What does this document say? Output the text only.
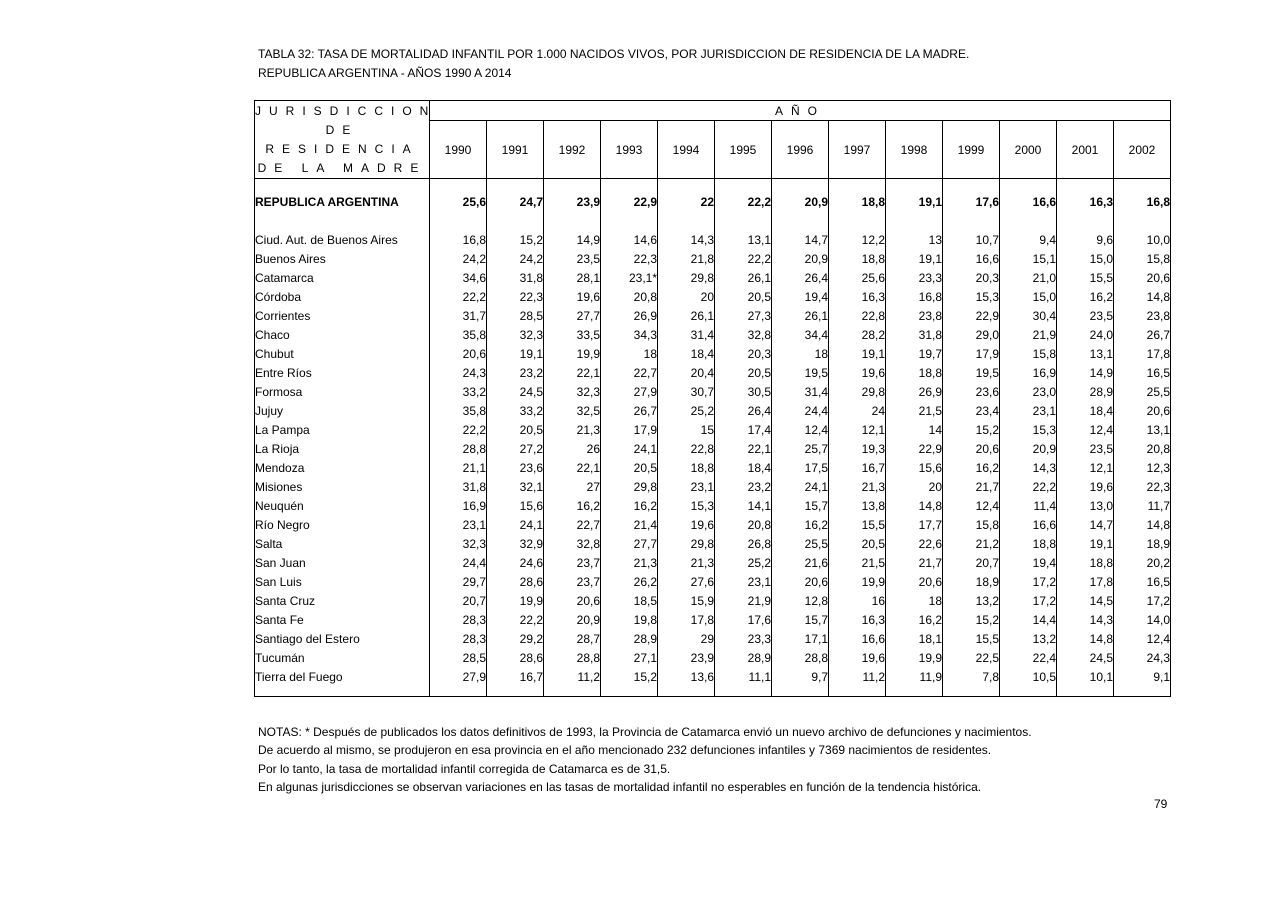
TABLA 32: TASA DE MORTALIDAD INFANTIL POR 1.000 NACIDOS VIVOS, POR JURISDICCION DE RESIDENCIA DE LA MADRE.
REPUBLICA ARGENTINA - AÑOS 1990 A 2014
JURISDICCION
DE RESIDENCIA
DE LA MADRE	AÑO												
	1990	1991	1992	1993	1994	1995	1996	1997	1998	1999	2000	2001	2002

REPUBLICA ARGENTINA	25,6	24,7	23,9	22,9	22	22,2	20,9	18,8	19,1	17,6	16,6	16,3	16,8

Ciud. Aut. de Buenos Aires	16,8	15,2	14,9	14,6	14,3	13,1	14,7	12,2	13	10,7	9,4	9,6	10,0
Buenos Aires	24,2	24,2	23,5	22,3	21,8	22,2	20,9	18,8	19,1	16,6	15,1	15,0	15,8
Catamarca	34,6	31,8	28,1	23,1*	29,8	26,1	26,4	25,6	23,3	20,3	21,0	15,5	20,6
Córdoba	22,2	22,3	19,6	20,8	20	20,5	19,4	16,3	16,8	15,3	15,0	16,2	14,8
Corrientes	31,7	28,5	27,7	26,9	26,1	27,3	26,1	22,8	23,8	22,9	30,4	23,5	23,8
Chaco	35,8	32,3	33,5	34,3	31,4	32,8	34,4	28,2	31,8	29,0	21,9	24,0	26,7
Chubut	20,6	19,1	19,9	18	18,4	20,3	18	19,1	19,7	17,9	15,8	13,1	17,8
Entre Ríos	24,3	23,2	22,1	22,7	20,4	20,5	19,5	19,6	18,8	19,5	16,9	14,9	16,5
Formosa	33,2	24,5	32,3	27,9	30,7	30,5	31,4	29,8	26,9	23,6	23,0	28,9	25,5
Jujuy	35,8	33,2	32,5	26,7	25,2	26,4	24,4	24	21,5	23,4	23,1	18,4	20,6
La Pampa	22,2	20,5	21,3	17,9	15	17,4	12,4	12,1	14	15,2	15,3	12,4	13,1
La Rioja	28,8	27,2	26	24,1	22,8	22,1	25,7	19,3	22,9	20,6	20,9	23,5	20,8
Mendoza	21,1	23,6	22,1	20,5	18,8	18,4	17,5	16,7	15,6	16,2	14,3	12,1	12,3
Misiones	31,8	32,1	27	29,8	23,1	23,2	24,1	21,3	20	21,7	22,2	19,6	22,3
Neuquén	16,9	15,6	16,2	16,2	15,3	14,1	15,7	13,8	14,8	12,4	11,4	13,0	11,7
Río Negro	23,1	24,1	22,7	21,4	19,6	20,8	16,2	15,5	17,7	15,8	16,6	14,7	14,8
Salta	32,3	32,9	32,8	27,7	29,8	26,8	25,5	20,5	22,6	21,2	18,8	19,1	18,9
San Juan	24,4	24,6	23,7	21,3	21,3	25,2	21,6	21,5	21,7	20,7	19,4	18,8	20,2
San Luis	29,7	28,6	23,7	26,2	27,6	23,1	20,6	19,9	20,6	18,9	17,2	17,8	16,5
Santa Cruz	20,7	19,9	20,6	18,5	15,9	21,9	12,8	16	18	13,2	17,2	14,5	17,2
Santa Fe	28,3	22,2	20,9	19,8	17,8	17,6	15,7	16,3	16,2	15,2	14,4	14,3	14,0
Santiago del Estero	28,3	29,2	28,7	28,9	29	23,3	17,1	16,6	18,1	15,5	13,2	14,8	12,4
Tucumán	28,5	28,6	28,8	27,1	23,9	28,9	28,8	19,6	19,9	22,5	22,4	24,5	24,3
Tierra del Fuego	27,9	16,7	11,2	15,2	13,6	11,1	9,7	11,2	11,9	7,8	10,5	10,1	9,1

NOTAS: * Después de publicados los datos definitivos de 1993, la Provincia de Catamarca envió un nuevo archivo de defunciones y nacimientos.
De acuerdo al mismo, se produjeron en esa provincia en el año mencionado 232 defunciones infantiles y 7369 nacimientos de residentes.
Por lo tanto, la tasa de mortalidad infantil corregida de Catamarca es de 31,5.
En algunas jurisdicciones se observan variaciones en las tasas de mortalidad infantil no esperables en función de la tendencia histórica.
79
